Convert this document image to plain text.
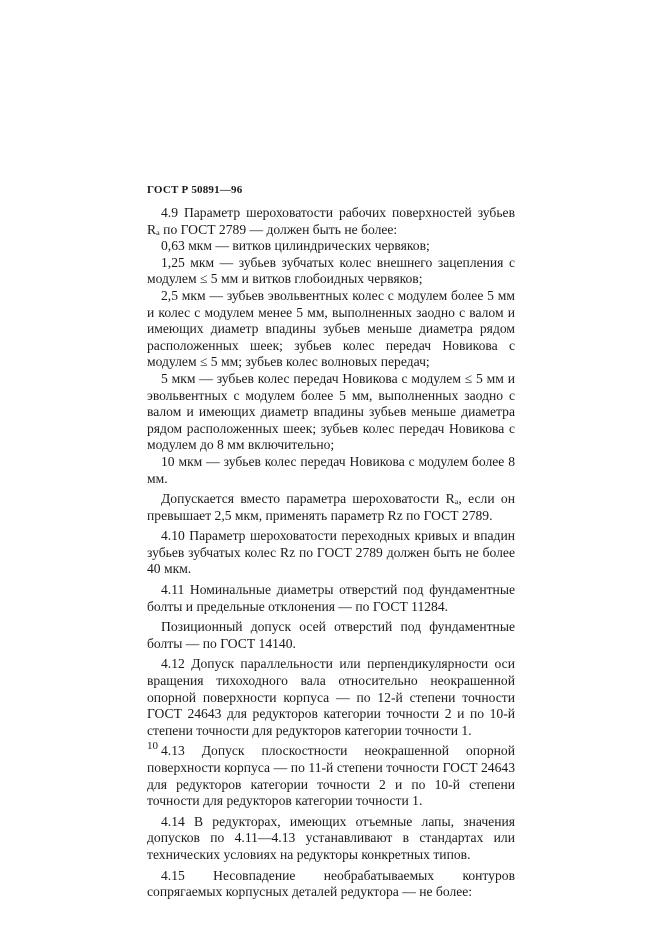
ГОСТ Р 50891—96

4.9 Параметр шероховатости рабочих поверхностей зубьев Rₐ по ГОСТ 2789 — должен быть не более:

0,63 мкм — витков цилиндрических червяков;

1,25 мкм — зубьев зубчатых колес внешнего зацепления с модулем ≤ 5 мм и витков глобоидных червяков;

2,5 мкм — зубьев эвольвентных колес с модулем более 5 мм и колес с модулем менее 5 мм, выполненных заодно с валом и имеющих диаметр впадины зубьев меньше диаметра рядом расположенных шеек; зубьев колес передач Новикова с модулем ≤ 5 мм; зубьев колес волновых передач;

5 мкм — зубьев колес передач Новикова с модулем ≤ 5 мм и эвольвентных с модулем более 5 мм, выполненных заодно с валом и имеющих диаметр впадины зубьев меньше диаметра рядом расположенных шеек; зубьев колес передач Новикова с модулем до 8 мм включительно;

10 мкм — зубьев колес передач Новикова с модулем более 8 мм.

Допускается вместо параметра шероховатости Rₐ, если он превышает 2,5 мкм, применять параметр Rz по ГОСТ 2789.

4.10 Параметр шероховатости переходных кривых и впадин зубьев зубчатых колес Rz по ГОСТ 2789 должен быть не более 40 мкм.

4.11 Номинальные диаметры отверстий под фундаментные болты и предельные отклонения — по ГОСТ 11284.

Позиционный допуск осей отверстий под фундаментные болты — по ГОСТ 14140.

4.12 Допуск параллельности или перпендикулярности оси вращения тихоходного вала относительно неокрашенной опорной поверхности корпуса — по 12-й степени точности ГОСТ 24643 для редукторов категории точности 2 и по 10-й степени точности для редукторов категории точности 1.

4.13 Допуск плоскостности неокрашенной опорной поверхности корпуса — по 11-й степени точности ГОСТ 24643 для редукторов категории точности 2 и по 10-й степени точности для редукторов категории точности 1.

4.14 В редукторах, имеющих отъемные лапы, значения допусков по 4.11—4.13 устанавливают в стандартах или технических условиях на редукторы конкретных типов.

4.15 Несовпадение необрабатываемых контуров сопрягаемых корпусных деталей редуктора — не более:

10
